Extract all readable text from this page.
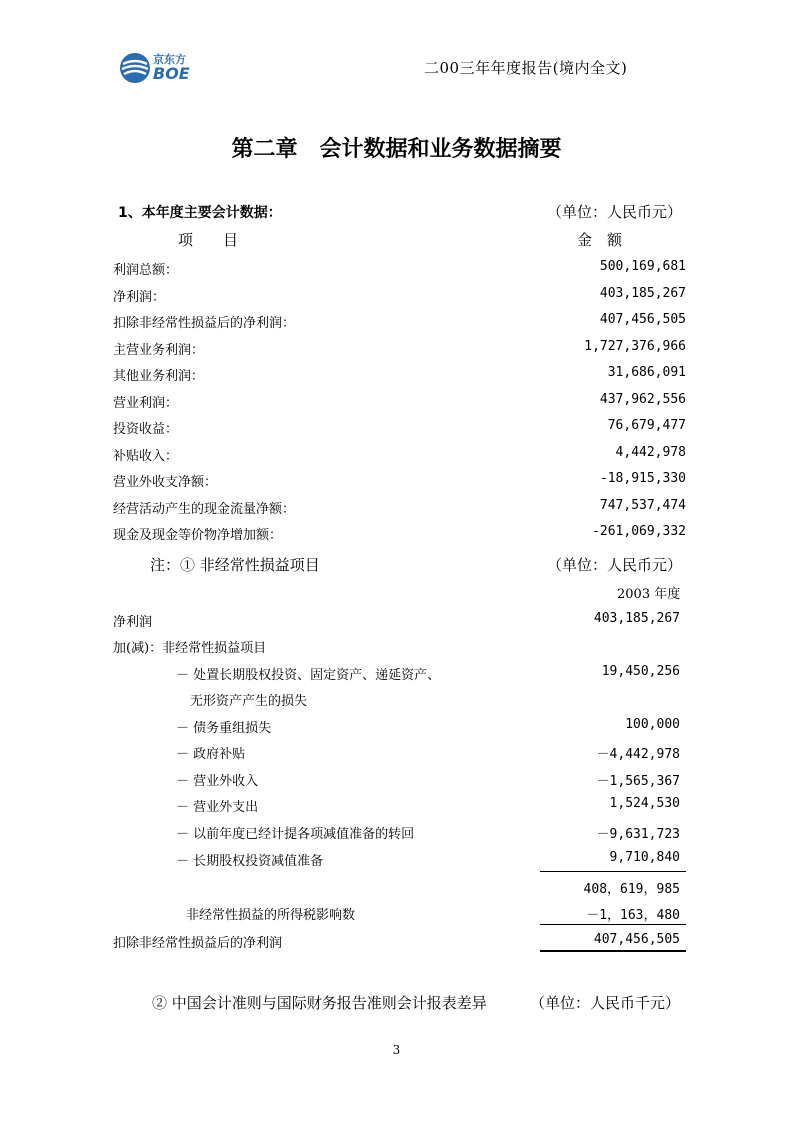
京东方
BOE	二00三年年度报告(境内全文)
第二章　会计数据和业务数据摘要
1、本年度主要会计数据：	（单位：人民币元）
项　　目	金　额
利润总额：	500,169,681
净利润：	403,185,267
扣除非经常性损益后的净利润：	407,456,505
主营业务利润：	1,727,376,966
其他业务利润：	31,686,091
营业利润：	437,962,556
投资收益：	76,679,477
补贴收入：	4,442,978
营业外收支净额：	-18,915,330
经营活动产生的现金流量净额：	747,537,474
现金及现金等价物净增加额：	-261,069,332
注：① 非经常性损益项目	（单位：人民币元）
2003 年度
净利润	403,185,267
加(减)：非经常性损益项目
－ 处置长期股权投资、固定资产、递延资产、	19,450,256
无形资产产生的损失
－ 债务重组损失	100,000
－ 政府补贴	－4,442,978
－ 营业外收入	－1,565,367
－ 营业外支出	1,524,530
－ 以前年度已经计提各项减值准备的转回	－9,631,723
－ 长期股权投资减值准备	9,710,840
408，619，985
非经常性损益的所得税影响数	－1，163，480
扣除非经常性损益后的净利润	407,456,505
② 中国会计准则与国际财务报告准则会计报表差异	（单位：人民币千元）
3
